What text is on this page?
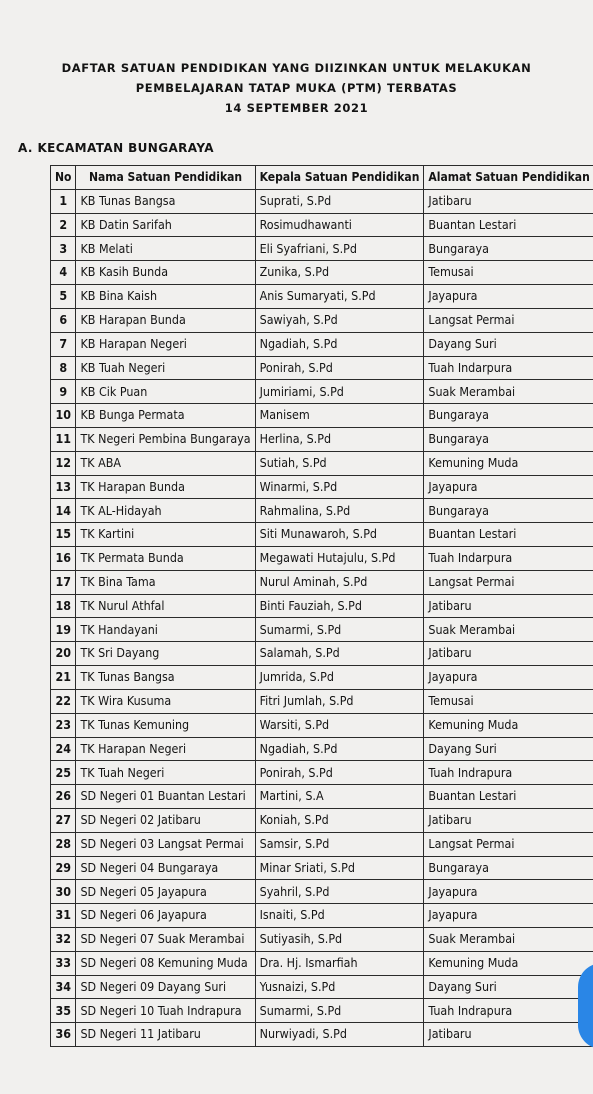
DAFTAR SATUAN PENDIDIKAN YANG DIIZINKAN UNTUK MELAKUKAN
PEMBELAJARAN TATAP MUKA (PTM) TERBATAS
14 SEPTEMBER 2021
A. KECAMATAN BUNGARAYA
No	Nama Satuan Pendidikan	Kepala Satuan Pendidikan	Alamat Satuan Pendidikan
1	KB Tunas Bangsa	Suprati, S.Pd	Jatibaru
2	KB Datin Sarifah	Rosimudhawanti	Buantan Lestari
3	KB Melati	Eli Syafriani, S.Pd	Bungaraya
4	KB Kasih Bunda	Zunika, S.Pd	Temusai
5	KB Bina Kaish	Anis Sumaryati, S.Pd	Jayapura
6	KB Harapan Bunda	Sawiyah, S.Pd	Langsat Permai
7	KB Harapan Negeri	Ngadiah, S.Pd	Dayang Suri
8	KB Tuah Negeri	Ponirah, S.Pd	Tuah Indarpura
9	KB Cik Puan	Jumiriami, S.Pd	Suak Merambai
10	KB Bunga Permata	Manisem	Bungaraya
11	TK Negeri Pembina Bungaraya	Herlina, S.Pd	Bungaraya
12	TK ABA	Sutiah, S.Pd	Kemuning Muda
13	TK Harapan Bunda	Winarmi, S.Pd	Jayapura
14	TK AL-Hidayah	Rahmalina, S.Pd	Bungaraya
15	TK Kartini	Siti Munawaroh, S.Pd	Buantan Lestari
16	TK Permata Bunda	Megawati Hutajulu, S.Pd	Tuah Indarpura
17	TK Bina Tama	Nurul Aminah, S.Pd	Langsat Permai
18	TK Nurul Athfal	Binti Fauziah, S.Pd	Jatibaru
19	TK Handayani	Sumarmi, S.Pd	Suak Merambai
20	TK Sri Dayang	Salamah, S.Pd	Jatibaru
21	TK Tunas Bangsa	Jumrida, S.Pd	Jayapura
22	TK Wira Kusuma	Fitri Jumlah, S.Pd	Temusai
23	TK Tunas Kemuning	Warsiti, S.Pd	Kemuning Muda
24	TK Harapan Negeri	Ngadiah, S.Pd	Dayang Suri
25	TK Tuah Negeri	Ponirah, S.Pd	Tuah Indrapura
26	SD Negeri 01 Buantan Lestari	Martini, S.A	Buantan Lestari
27	SD Negeri 02 Jatibaru	Koniah, S.Pd	Jatibaru
28	SD Negeri 03 Langsat Permai	Samsir, S.Pd	Langsat Permai
29	SD Negeri 04 Bungaraya	Minar Sriati, S.Pd	Bungaraya
30	SD Negeri 05 Jayapura	Syahril, S.Pd	Jayapura
31	SD Negeri 06 Jayapura	Isnaiti, S.Pd	Jayapura
32	SD Negeri 07 Suak Merambai	Sutiyasih, S.Pd	Suak Merambai
33	SD Negeri 08 Kemuning Muda	Dra. Hj. Ismarfiah	Kemuning Muda
34	SD Negeri 09 Dayang Suri	Yusnaizi, S.Pd	Dayang Suri
35	SD Negeri 10 Tuah Indrapura	Sumarmi, S.Pd	Tuah Indrapura
36	SD Negeri 11 Jatibaru	Nurwiyadi, S.Pd	Jatibaru
